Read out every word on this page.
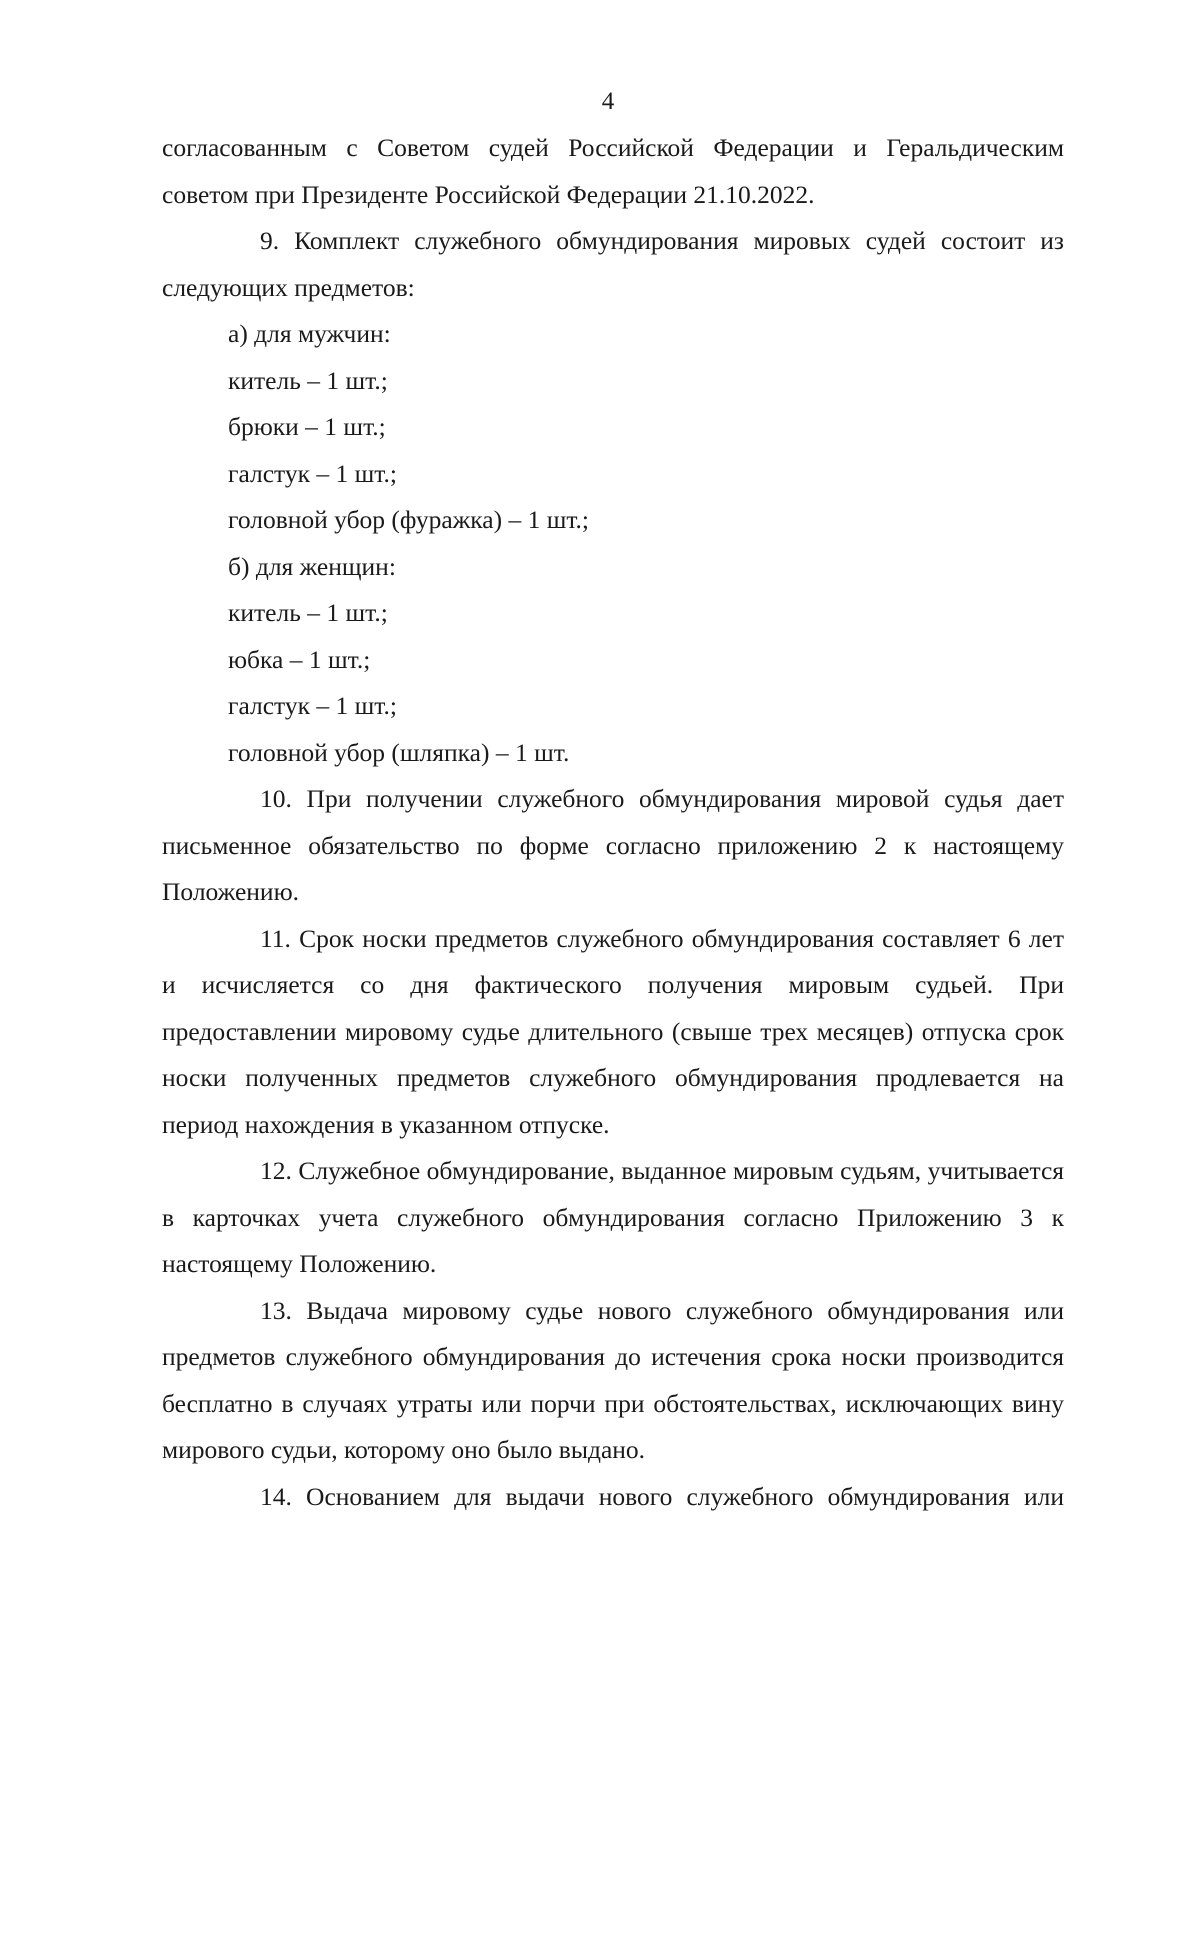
4

согласованным с Советом судей Российской Федерации и Геральдическим советом при Президенте Российской Федерации 21.10.2022.

9. Комплект служебного обмундирования мировых судей состоит из следующих предметов:

а) для мужчин:

китель – 1 шт.;

брюки – 1 шт.;

галстук – 1 шт.;

головной убор (фуражка) – 1 шт.;

б) для женщин:

китель – 1 шт.;

юбка – 1 шт.;

галстук – 1 шт.;

головной убор (шляпка) – 1 шт.

10. При получении служебного обмундирования мировой судья дает письменное обязательство по форме согласно приложению 2 к настоящему Положению.

11. Срок носки предметов служебного обмундирования составляет 6 лет и исчисляется со дня фактического получения мировым судьей. При предоставлении мировому судье длительного (свыше трех месяцев) отпуска срок носки полученных предметов служебного обмундирования продлевается на период нахождения в указанном отпуске.

12. Служебное обмундирование, выданное мировым судьям, учитывается в карточках учета служебного обмундирования согласно Приложению 3 к настоящему Положению.

13. Выдача мировому судье нового служебного обмундирования или предметов служебного обмундирования до истечения срока носки производится бесплатно в случаях утраты или порчи при обстоятельствах, исключающих вину мирового судьи, которому оно было выдано.

14. Основанием для выдачи нового служебного обмундирования или
